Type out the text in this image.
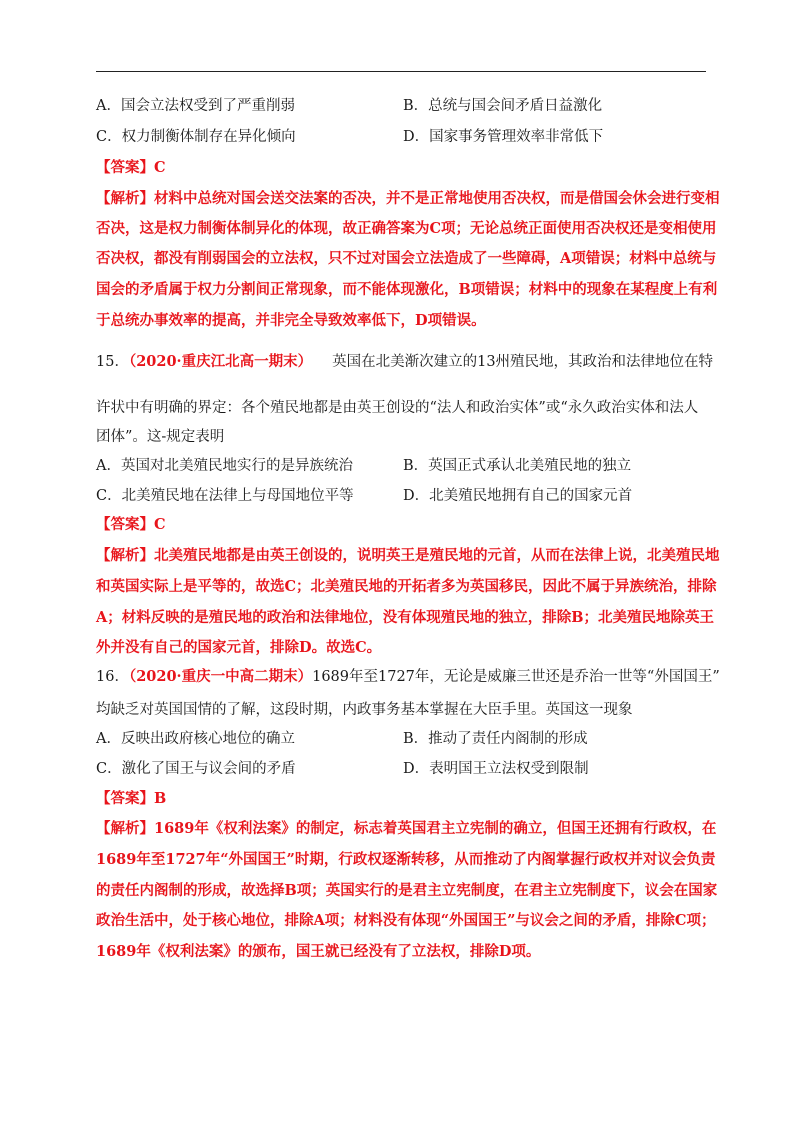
A．国会立法权受到了严重削弱	B．总统与国会间矛盾日益激化
C．权力制衡体制存在异化倾向	D．国家事务管理效率非常低下
【答案】C
【解析】材料中总统对国会送交法案的否决，并不是正常地使用否决权，而是借国会休会进行变相
否决，这是权力制衡体制异化的体现，故正确答案为C项；无论总统正面使用否决权还是变相使用
否决权，都没有削弱国会的立法权，只不过对国会立法造成了一些障碍，A项错误；材料中总统与
国会的矛盾属于权力分割间正常现象，而不能体现激化，B项错误；材料中的现象在某程度上有利
于总统办事效率的提高，并非完全导致效率低下，D项错误。
15．（2020·重庆江北高一期末） 英国在北美渐次建立的13州殖民地，其政治和法律地位在特
许状中有明确的界定：各个殖民地都是由英王创设的“法人和政治实体”或“永久政治实体和法人
团体”。这-规定表明
A．英国对北美殖民地实行的是异族统治	B．英国正式承认北美殖民地的独立
C．北美殖民地在法律上与母国地位平等	D．北美殖民地拥有自己的国家元首
【答案】C
【解析】北美殖民地都是由英王创设的，说明英王是殖民地的元首，从而在法律上说，北美殖民地
和英国实际上是平等的，故选C；北美殖民地的开拓者多为英国移民，因此不属于异族统治，排除
A；材料反映的是殖民地的政治和法律地位，没有体现殖民地的独立，排除B；北美殖民地除英王
外并没有自己的国家元首，排除D。故选C。
16．（2020·重庆一中高二期末）1689年至1727年，无论是威廉三世还是乔治一世等“外国国王”
均缺乏对英国国情的了解，这段时期，内政事务基本掌握在大臣手里。英国这一现象
A．反映出政府核心地位的确立	B．推动了责任内阁制的形成
C．激化了国王与议会间的矛盾	D．表明国王立法权受到限制
【答案】B
【解析】1689年《权利法案》的制定，标志着英国君主立宪制的确立，但国王还拥有行政权，在
1689年至1727年“外国国王”时期，行政权逐渐转移，从而推动了内阁掌握行政权并对议会负责
的责任内阁制的形成，故选择B项；英国实行的是君主立宪制度，在君主立宪制度下，议会在国家
政治生活中，处于核心地位，排除A项；材料没有体现“外国国王”与议会之间的矛盾，排除C项；
1689年《权利法案》的颁布，国王就已经没有了立法权，排除D项。
